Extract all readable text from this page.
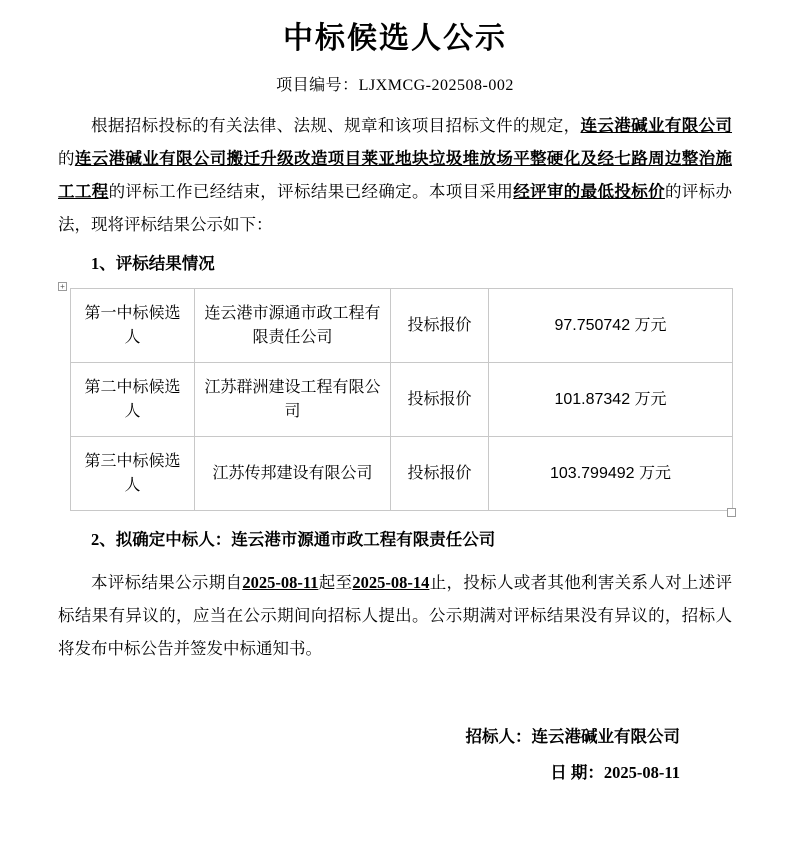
中标候选人公示
项目编号：LJXMCG-202508-002

根据招标投标的有关法律、法规、规章和该项目招标文件的规定，连云港碱业有限公司的连云港碱业有限公司搬迁升级改造项目莱亚地块垃圾堆放场平整硬化及经七路周边整治施工工程的评标工作已经结束，评标结果已经确定。本项目采用经评审的最低投标价的评标办法，现将评标结果公示如下：

1、评标结果情况
+
第一中标候选人	连云港市源通市政工程有限责任公司	投标报价	97.750742 万元
第二中标候选人	江苏群洲建设工程有限公司	投标报价	101.87342 万元
第三中标候选人	江苏传邦建设有限公司	投标报价	103.799492 万元
2、拟确定中标人：连云港市源通市政工程有限责任公司

本评标结果公示期自2025-08-11起至2025-08-14止，投标人或者其他利害关系人对上述评标结果有异议的，应当在公示期间向招标人提出。公示期满对评标结果没有异议的，招标人将发布中标公告并签发中标通知书。

招标人：连云港碱业有限公司
日 期：2025-08-11
